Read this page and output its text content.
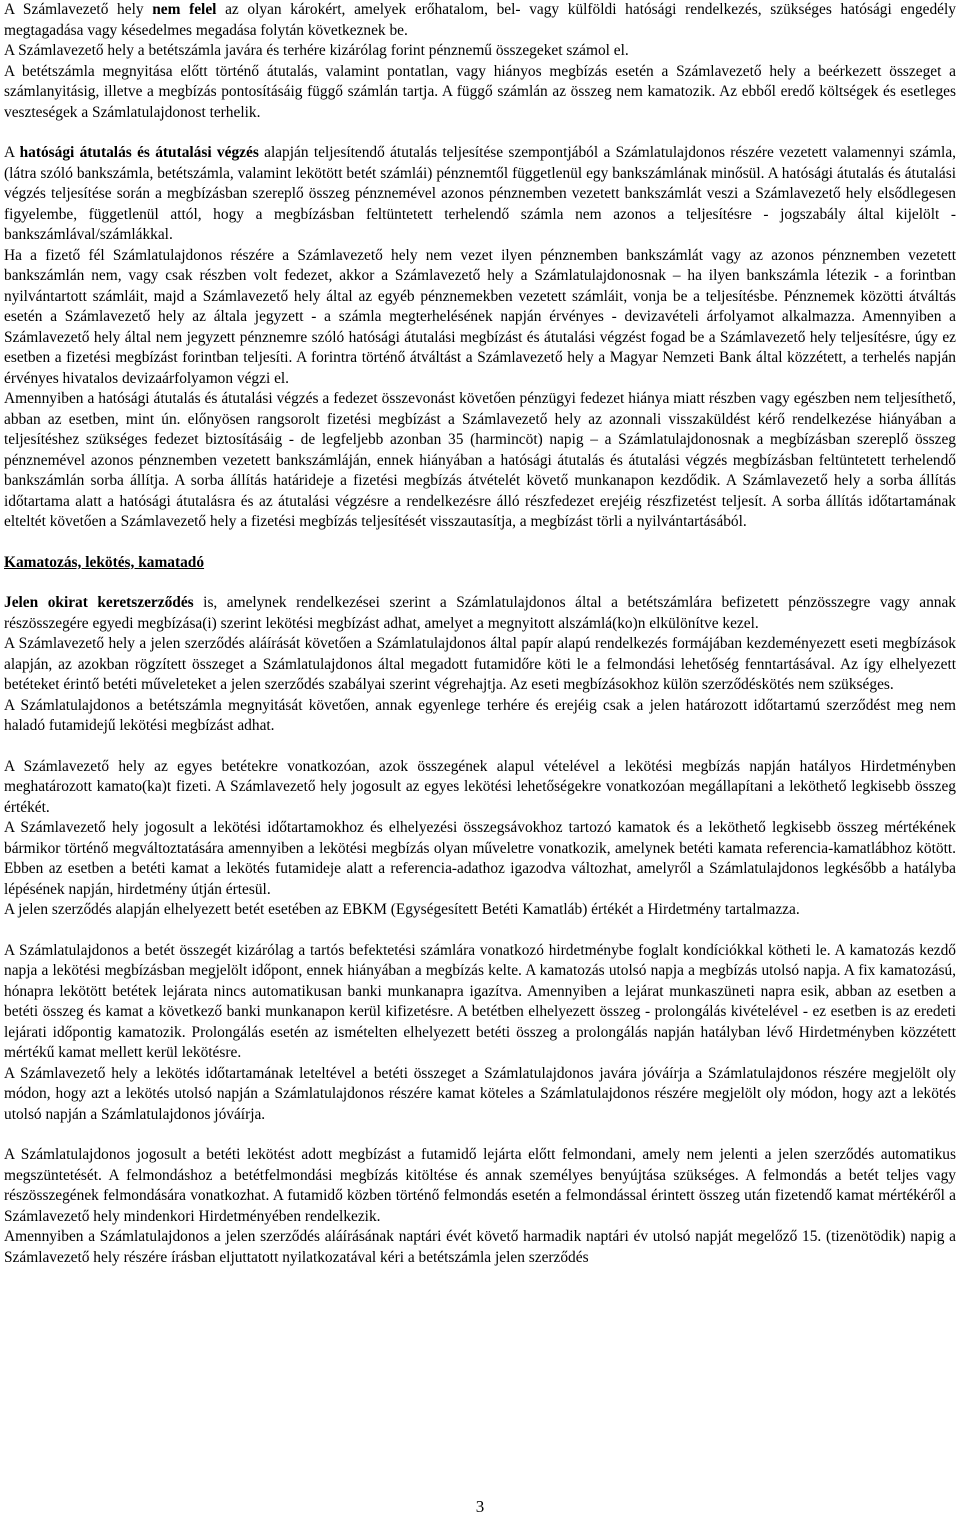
A Számlavezető hely nem felel az olyan károkért, amelyek erőhatalom, bel- vagy külföldi hatósági rendelkezés, szükséges hatósági engedély megtagadása vagy késedelmes megadása folytán következnek be.

A Számlavezető hely a betétszámla javára és terhére kizárólag forint pénznemű összegeket számol el.

A betétszámla megnyitása előtt történő átutalás, valamint pontatlan, vagy hiányos megbízás esetén a Számlavezető hely a beérkezett összeget a számlanyitásig, illetve a megbízás pontosításáig függő számlán tartja. A függő számlán az összeg nem kamatozik. Az ebből eredő költségek és esetleges veszteségek a Számlatulajdonost terhelik.

A hatósági átutalás és átutalási végzés alapján teljesítendő átutalás teljesítése szempontjából a Számlatulajdonos részére vezetett valamennyi számla, (látra szóló bankszámla, betétszámla, valamint lekötött betét számlái) pénznemtől függetlenül egy bankszámlának minősül. A hatósági átutalás és átutalási végzés teljesítése során a megbízásban szereplő összeg pénznemével azonos pénznemben vezetett bankszámlát veszi a Számlavezető hely elsődlegesen figyelembe, függetlenül attól, hogy a megbízásban feltüntetett terhelendő számla nem azonos a teljesítésre - jogszabály által kijelölt - bankszámlával/számlákkal.

Ha a fizető fél Számlatulajdonos részére a Számlavezető hely nem vezet ilyen pénznemben bankszámlát vagy az azonos pénznemben vezetett bankszámlán nem, vagy csak részben volt fedezet, akkor a Számlavezető hely a Számlatulajdonosnak – ha ilyen bankszámla létezik - a forintban nyilvántartott számláit, majd a Számlavezető hely által az egyéb pénznemekben vezetett számláit, vonja be a teljesítésbe. Pénznemek közötti átváltás esetén a Számlavezető hely az általa jegyzett - a számla megterhelésének napján érvényes - devizavételi árfolyamot alkalmazza. Amennyiben a Számlavezető hely által nem jegyzett pénznemre szóló hatósági átutalási megbízást és átutalási végzést fogad be a Számlavezető hely teljesítésre, úgy ez esetben a fizetési megbízást forintban teljesíti. A forintra történő átváltást a Számlavezető hely a Magyar Nemzeti Bank által közzétett, a terhelés napján érvényes hivatalos devizaárfolyamon végzi el.

Amennyiben a hatósági átutalás és átutalási végzés a fedezet összevonást követően pénzügyi fedezet hiánya miatt részben vagy egészben nem teljesíthető, abban az esetben, mint ún. előnyösen rangsorolt fizetési megbízást a Számlavezető hely az azonnali visszaküldést kérő rendelkezése hiányában a teljesítéshez szükséges fedezet biztosításáig - de legfeljebb azonban 35 (harmincöt) napig – a Számlatulajdonosnak a megbízásban szereplő összeg pénznemével azonos pénznemben vezetett bankszámláján, ennek hiányában a hatósági átutalás és átutalási végzés megbízásban feltüntetett terhelendő bankszámlán sorba állítja. A sorba állítás határideje a fizetési megbízás átvételét követő munkanapon kezdődik. A Számlavezető hely a sorba állítás időtartama alatt a hatósági átutalásra és az átutalási végzésre a rendelkezésre álló részfedezet erejéig részfizetést teljesít. A sorba állítás időtartamának elteltét követően a Számlavezető hely a fizetési megbízás teljesítését visszautasítja, a megbízást törli a nyilvántartásából.

Kamatozás, lekötés, kamatadó

Jelen okirat keretszerződés is, amelynek rendelkezései szerint a Számlatulajdonos által a betétszámlára befizetett pénzösszegre vagy annak részösszegére egyedi megbízása(i) szerint lekötési megbízást adhat, amelyet a megnyitott alszámlá(ko)n elkülönítve kezel.

A Számlavezető hely a jelen szerződés aláírását követően a Számlatulajdonos által papír alapú rendelkezés formájában kezdeményezett eseti megbízások alapján, az azokban rögzített összeget a Számlatulajdonos által megadott futamidőre köti le a felmondási lehetőség fenntartásával. Az így elhelyezett betéteket érintő betéti műveleteket a jelen szerződés szabályai szerint végrehajtja. Az eseti megbízásokhoz külön szerződéskötés nem szükséges.

A Számlatulajdonos a betétszámla megnyitását követően, annak egyenlege terhére és erejéig csak a jelen határozott időtartamú szerződést meg nem haladó futamidejű lekötési megbízást adhat.

A Számlavezető hely az egyes betétekre vonatkozóan, azok összegének alapul vételével a lekötési megbízás napján hatályos Hirdetményben meghatározott kamato(ka)t fizeti. A Számlavezető hely jogosult az egyes lekötési lehetőségekre vonatkozóan megállapítani a leköthető legkisebb összeg értékét.

A Számlavezető hely jogosult a lekötési időtartamokhoz és elhelyezési összegsávokhoz tartozó kamatok és a leköthető legkisebb összeg mértékének bármikor történő megváltoztatására amennyiben a lekötési megbízás olyan műveletre vonatkozik, amelynek betéti kamata referencia-kamatlábhoz kötött. Ebben az esetben a betéti kamat a lekötés futamideje alatt a referencia-adathoz igazodva változhat, amelyről a Számlatulajdonos legkésőbb a hatályba lépésének napján, hirdetmény útján értesül.

A jelen szerződés alapján elhelyezett betét esetében az EBKM (Egységesített Betéti Kamatláb) értékét a Hirdetmény tartalmazza.

A Számlatulajdonos a betét összegét kizárólag a tartós befektetési számlára vonatkozó hirdetménybe foglalt kondíciókkal kötheti le. A kamatozás kezdő napja a lekötési megbízásban megjelölt időpont, ennek hiányában a megbízás kelte. A kamatozás utolsó napja a megbízás utolsó napja. A fix kamatozású, hónapra lekötött betétek lejárata nincs automatikusan banki munkanapra igazítva. Amennyiben a lejárat munkaszüneti napra esik, abban az esetben a betéti összeg és kamat a következő banki munkanapon kerül kifizetésre. A betétben elhelyezett összeg - prolongálás kivételével - ez esetben is az eredeti lejárati időpontig kamatozik. Prolongálás esetén az ismételten elhelyezett betéti összeg a prolongálás napján hatályban lévő Hirdetményben közzétett mértékű kamat mellett kerül lekötésre.

A Számlavezető hely a lekötés időtartamának leteltével a betéti összeget a Számlatulajdonos javára jóváírja a Számlatulajdonos részére megjelölt oly módon, hogy azt a lekötés utolsó napján a Számlatulajdonos részére kamat köteles a Számlatulajdonos részére megjelölt oly módon, hogy azt a lekötés utolsó napján a Számlatulajdonos jóváírja.

A Számlatulajdonos jogosult a betéti lekötést adott megbízást a futamidő lejárta előtt felmondani, amely nem jelenti a jelen szerződés automatikus megszüntetését. A felmondáshoz a betétfelmondási megbízás kitöltése és annak személyes benyújtása szükséges. A felmondás a betét teljes vagy részösszegének felmondására vonatkozhat. A futamidő közben történő felmondás esetén a felmondással érintett összeg után fizetendő kamat mértékéről a Számlavezető hely mindenkori Hirdetményében rendelkezik.

Amennyiben a Számlatulajdonos a jelen szerződés aláírásának naptári évét követő harmadik naptári év utolsó napját megelőző 15. (tizenötödik) napig a Számlavezető hely részére írásban eljuttatott nyilatkozatával kéri a betétszámla jelen szerződés

3
